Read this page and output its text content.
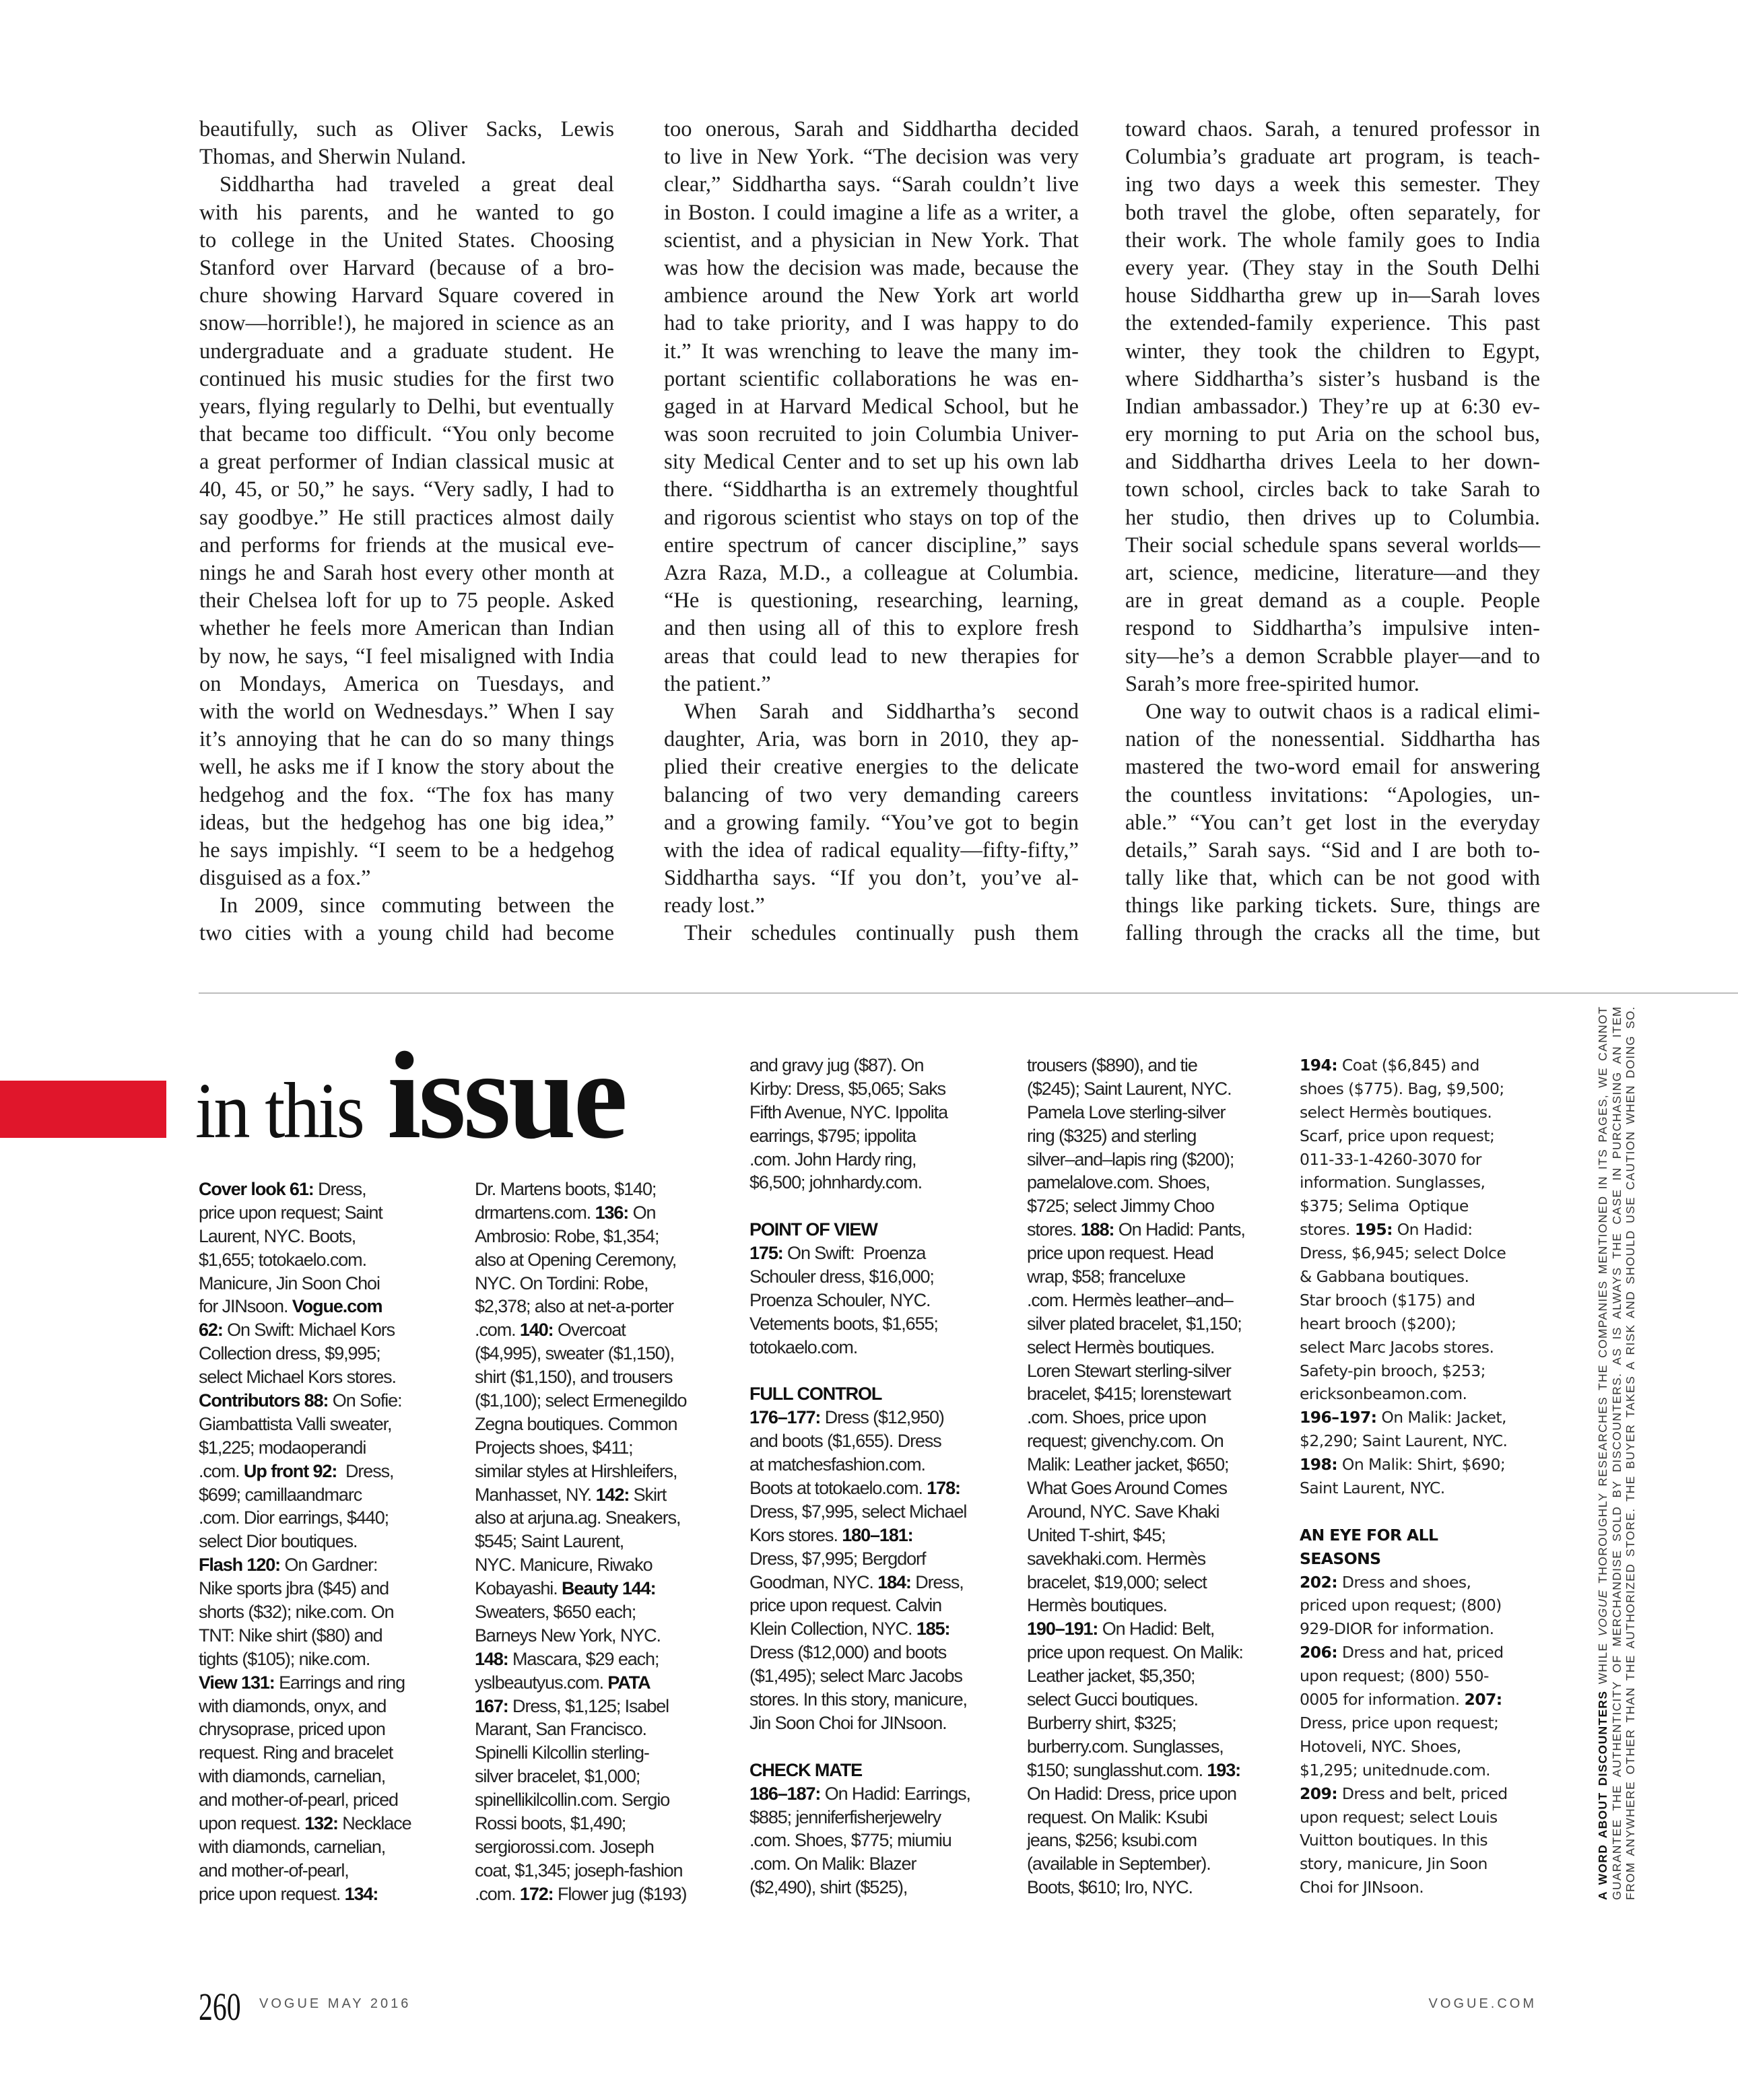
beautifully, such as Oliver Sacks, Lewis
Thomas, and Sherwin Nuland.
Siddhartha had traveled a great deal
with his parents, and he wanted to go
to college in the United States. Choosing
Stanford over Harvard (because of a bro-
chure showing Harvard Square covered in
snow—horrible!), he majored in science as an
undergraduate and a graduate student. He
continued his music studies for the first two
years, flying regularly to Delhi, but eventually
that became too difficult. “You only become
a great performer of Indian classical music at
40, 45, or 50,” he says. “Very sadly, I had to
say goodbye.” He still practices almost daily
and performs for friends at the musical eve-
nings he and Sarah host every other month at
their Chelsea loft for up to 75 people. Asked
whether he feels more American than Indian
by now, he says, “I feel misaligned with India
on Mondays, America on Tuesdays, and
with the world on Wednesdays.” When I say
it’s annoying that he can do so many things
well, he asks me if I know the story about the
hedgehog and the fox. “The fox has many
ideas, but the hedgehog has one big idea,”
he says impishly. “I seem to be a hedgehog
disguised as a fox.”
In 2009, since commuting between the
two cities with a young child had become
too onerous, Sarah and Siddhartha decided
to live in New York. “The decision was very
clear,” Siddhartha says. “Sarah couldn’t live
in Boston. I could imagine a life as a writer, a
scientist, and a physician in New York. That
was how the decision was made, because the
ambience around the New York art world
had to take priority, and I was happy to do
it.” It was wrenching to leave the many im-
portant scientific collaborations he was en-
gaged in at Harvard Medical School, but he
was soon recruited to join Columbia Univer-
sity Medical Center and to set up his own lab
there. “Siddhartha is an extremely thoughtful
and rigorous scientist who stays on top of the
entire spectrum of cancer discipline,” says
Azra Raza, M.D., a colleague at Columbia.
“He is questioning, researching, learning,
and then using all of this to explore fresh
areas that could lead to new therapies for
the patient.”
When Sarah and Siddhartha’s second
daughter, Aria, was born in 2010, they ap-
plied their creative energies to the delicate
balancing of two very demanding careers
and a growing family. “You’ve got to begin
with the idea of radical equality—fifty-fifty,”
Siddhartha says. “If you don’t, you’ve al-
ready lost.”
Their schedules continually push them
toward chaos. Sarah, a tenured professor in
Columbia’s graduate art program, is teach-
ing two days a week this semester. They
both travel the globe, often separately, for
their work. The whole family goes to India
every year. (They stay in the South Delhi
house Siddhartha grew up in—Sarah loves
the extended-family experience. This past
winter, they took the children to Egypt,
where Siddhartha’s sister’s husband is the
Indian ambassador.) They’re up at 6:30 ev-
ery morning to put Aria on the school bus,
and Siddhartha drives Leela to her down-
town school, circles back to take Sarah to
her studio, then drives up to Columbia.
Their social schedule spans several worlds—
art, science, medicine, literature—and they
are in great demand as a couple. People
respond to Siddhartha’s impulsive inten-
sity—he’s a demon Scrabble player—and to
Sarah’s more free-spirited humor.
One way to outwit chaos is a radical elimi-
nation of the nonessential. Siddhartha has
mastered the two-word email for answering
the countless invitations: “Apologies, un-
able.” “You can’t get lost in the everyday
details,” Sarah says. “Sid and I are both to-
tally like that, which can be not good with
things like parking tickets. Sure, things are
falling through the cracks all the time, but
in this issue
Cover look 61: Dress,
price upon request; Saint
Laurent, NYC. Boots,
$1,655; totokaelo.com.
Manicure, Jin Soon Choi
for JINsoon. Vogue.com
62: On Swift: Michael Kors
Collection dress, $9,995;
select Michael Kors stores.
Contributors 88: On Sofie:
Giambattista Valli sweater,
$1,225; modaoperandi
.com. Up front 92:  Dress,
$699; camillaandmarc
.com. Dior earrings, $440;
select Dior boutiques.
Flash 120: On Gardner:
Nike sports jbra ($45) and
shorts ($32); nike.com. On
TNT: Nike shirt ($80) and
tights ($105); nike.com.
View 131: Earrings and ring
with diamonds, onyx, and
chrysoprase, priced upon
request. Ring and bracelet
with diamonds, carnelian,
and mother-of-pearl, priced
upon request. 132: Necklace
with diamonds, carnelian,
and mother-of-pearl,
price upon request. 134:
Dr. Martens boots, $140;
drmartens.com. 136: On
Ambrosio: Robe, $1,354;
also at Opening Ceremony,
NYC. On Tordini: Robe,
$2,378; also at net-a-porter
.com. 140: Overcoat
($4,995), sweater ($1,150),
shirt ($1,150), and trousers
($1,100); select Ermenegildo
Zegna boutiques. Common
Projects shoes, $411;
similar styles at Hirshleifers,
Manhasset, NY. 142: Skirt
also at arjuna.ag. Sneakers,
$545; Saint Laurent,
NYC. Manicure, Riwako
Kobayashi. Beauty 144:
Sweaters, $650 each;
Barneys New York, NYC.
148: Mascara, $29 each;
yslbeautyus.com. PATA
167: Dress, $1,125; Isabel
Marant, San Francisco.
Spinelli Kilcollin sterling-
silver bracelet, $1,000;
spinellikilcollin.com. Sergio
Rossi boots, $1,490;
sergiorossi.com. Joseph
coat, $1,345; joseph-fashion
.com. 172: Flower jug ($193)
and gravy jug ($87). On
Kirby: Dress, $5,065; Saks
Fifth Avenue, NYC. Ippolita
earrings, $795; ippolita
.com. John Hardy ring,
$6,500; johnhardy.com.
POINT OF VIEW
175: On Swift:  Proenza
Schouler dress, $16,000;
Proenza Schouler, NYC.
Vetements boots, $1,655;
totokaelo.com.
FULL CONTROL
176–177: Dress ($12,950)
and boots ($1,655). Dress
at matchesfashion.com.
Boots at totokaelo.com. 178:
Dress, $7,995, select Michael
Kors stores. 180–181:
Dress, $7,995; Bergdorf
Goodman, NYC. 184: Dress,
price upon request. Calvin
Klein Collection, NYC. 185:
Dress ($12,000) and boots
($1,495); select Marc Jacobs
stores. In this story, manicure,
Jin Soon Choi for JINsoon.
CHECK MATE
186–187: On Hadid: Earrings,
$885; jenniferfisherjewelry
.com. Shoes, $775; miumiu
.com. On Malik: Blazer
($2,490), shirt ($525),
trousers ($890), and tie
($245); Saint Laurent, NYC.
Pamela Love sterling-silver
ring ($325) and sterling
silver–and–lapis ring ($200);
pamelalove.com. Shoes,
$725; select Jimmy Choo
stores. 188: On Hadid: Pants,
price upon request. Head
wrap, $58; franceluxe
.com. Hermès leather–and–
silver plated bracelet, $1,150;
select Hermès boutiques.
Loren Stewart sterling-silver
bracelet, $415; lorenstewart
.com. Shoes, price upon
request; givenchy.com. On
Malik: Leather jacket, $650;
What Goes Around Comes
Around, NYC. Save Khaki
United T-shirt, $45;
savekhaki.com. Hermès
bracelet, $19,000; select
Hermès boutiques.
190–191: On Hadid: Belt,
price upon request. On Malik:
Leather jacket, $5,350;
select Gucci boutiques.
Burberry shirt, $325;
burberry.com. Sunglasses,
$150; sunglasshut.com. 193:
On Hadid: Dress, price upon
request. On Malik: Ksubi
jeans, $256; ksubi.com
(available in September).
Boots, $610; Iro, NYC.
194: Coat ($6,845) and
shoes ($775). Bag, $9,500;
select Hermès boutiques.
Scarf, price upon request;
011-33-1-4260-3070 for
information. Sunglasses,
$375; Selima  Optique
stores. 195: On Hadid:
Dress, $6,945; select Dolce
& Gabbana boutiques.
Star brooch ($175) and
heart brooch ($200);
select Marc Jacobs stores.
Safety-pin brooch, $253;
ericksonbeamon.com.
196–197: On Malik: Jacket,
$2,290; Saint Laurent, NYC.
198: On Malik: Shirt, $690;
Saint Laurent, NYC.
AN EYE FOR ALL
SEASONS
202: Dress and shoes,
priced upon request; (800)
929-DIOR for information.
206: Dress and hat, priced
upon request; (800) 550-
0005 for information. 207:
Dress, price upon request;
Hotoveli, NYC. Shoes,
$1,295; unitednude.com.
209: Dress and belt, priced
upon request; select Louis
Vuitton boutiques. In this
story, manicure, Jin Soon
Choi for JINsoon.	A WORD ABOUT DISCOUNTERS WHILE VOGUE THOROUGHLY RESEARCHES THE COMPANIES MENTIONED IN ITS PAGES, WE CANNOT GUARANTEE THE AUTHENTICITY OF MERCHANDISE SOLD BY DISCOUNTERS. AS IS ALWAYS THE CASE IN PURCHASING AN ITEM FROM ANYWHERE OTHER THAN THE AUTHORIZED STORE. THE BUYER TAKES A RISK AND SHOULD USE CAUTION WHEN DOING SO.
260 VOGUE MAY 2016	VOGUE.COM
